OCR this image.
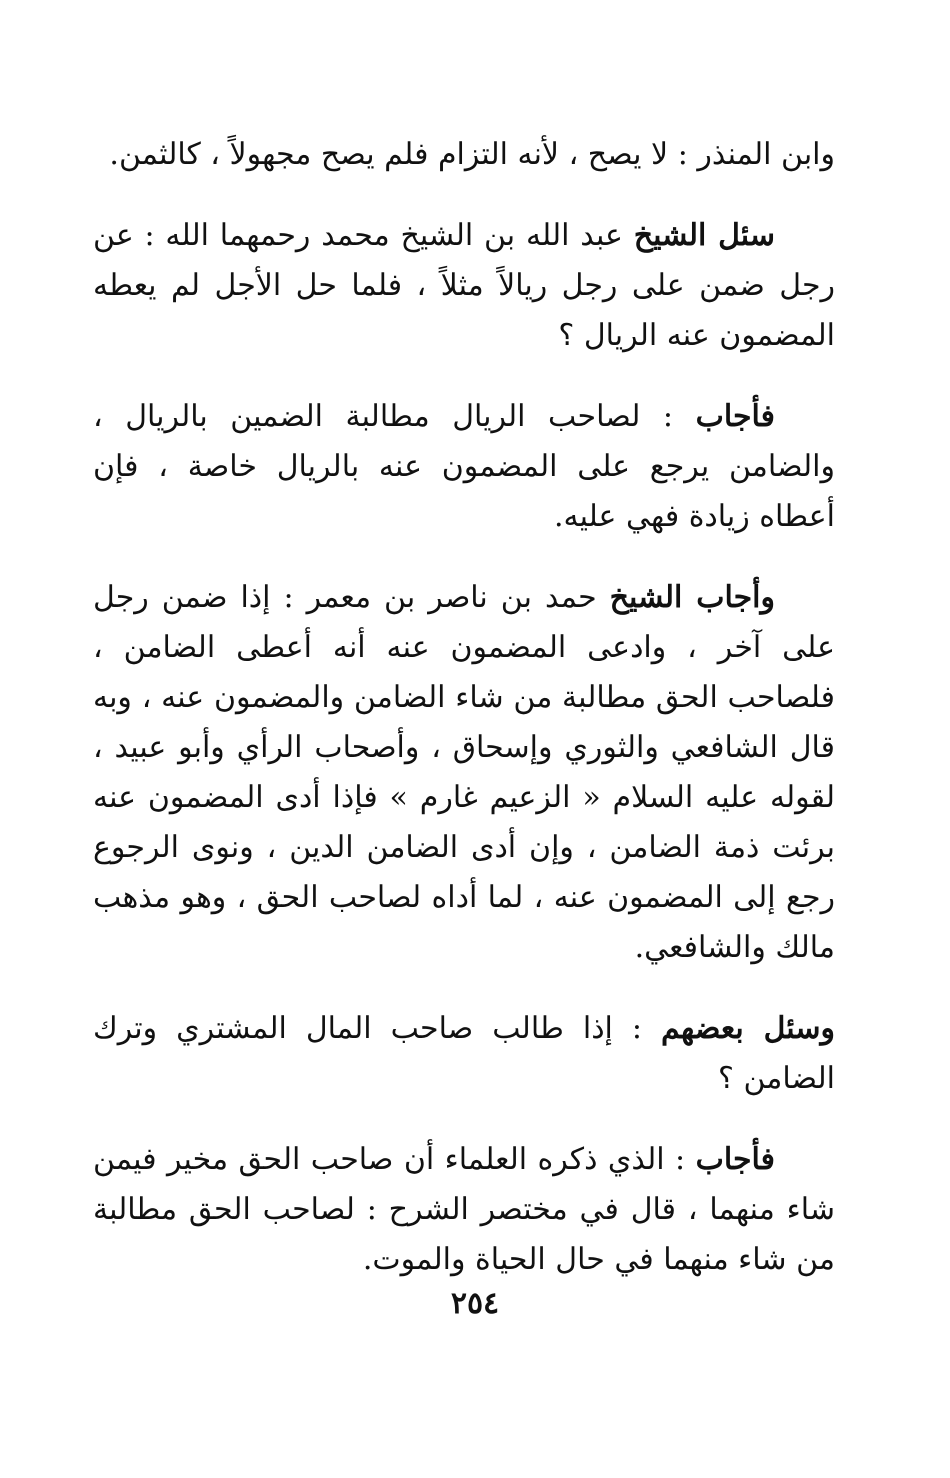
وابن المنذر : لا يصح ، لأنه التزام فلم يصح مجهولاً ، كالثمن.

سئل الشيخ عبد الله بن الشيخ محمد رحمهما الله : عن رجل ضمن على رجل ريالاً مثلاً ، فلما حل الأجل لم يعطه المضمون عنه الريال ؟

فأجاب : لصاحب الريال مطالبة الضمين بالريال ، والضامن يرجع على المضمون عنه بالريال خاصة ، فإن أعطاه زيادة فهي عليه.

وأجاب الشيخ حمد بن ناصر بن معمر : إذا ضمن رجل على آخر ، وادعى المضمون عنه أنه أعطى الضامن ، فلصاحب الحق مطالبة من شاء الضامن والمضمون عنه ، وبه قال الشافعي والثوري وإسحاق ، وأصحاب الرأي وأبو عبيد ، لقوله عليه السلام « الزعيم غارم » فإذا أدى المضمون عنه برئت ذمة الضامن ، وإن أدى الضامن الدين ، ونوى الرجوع رجع إلى المضمون عنه ، لما أداه لصاحب الحق ، وهو مذهب مالك والشافعي.

وسئل بعضهم : إذا طالب صاحب المال المشتري وترك الضامن ؟

فأجاب : الذي ذكره العلماء أن صاحب الحق مخير فيمن شاء منهما ، قال في مختصر الشرح : لصاحب الحق مطالبة من شاء منهما في حال الحياة والموت.

٢٥٤
